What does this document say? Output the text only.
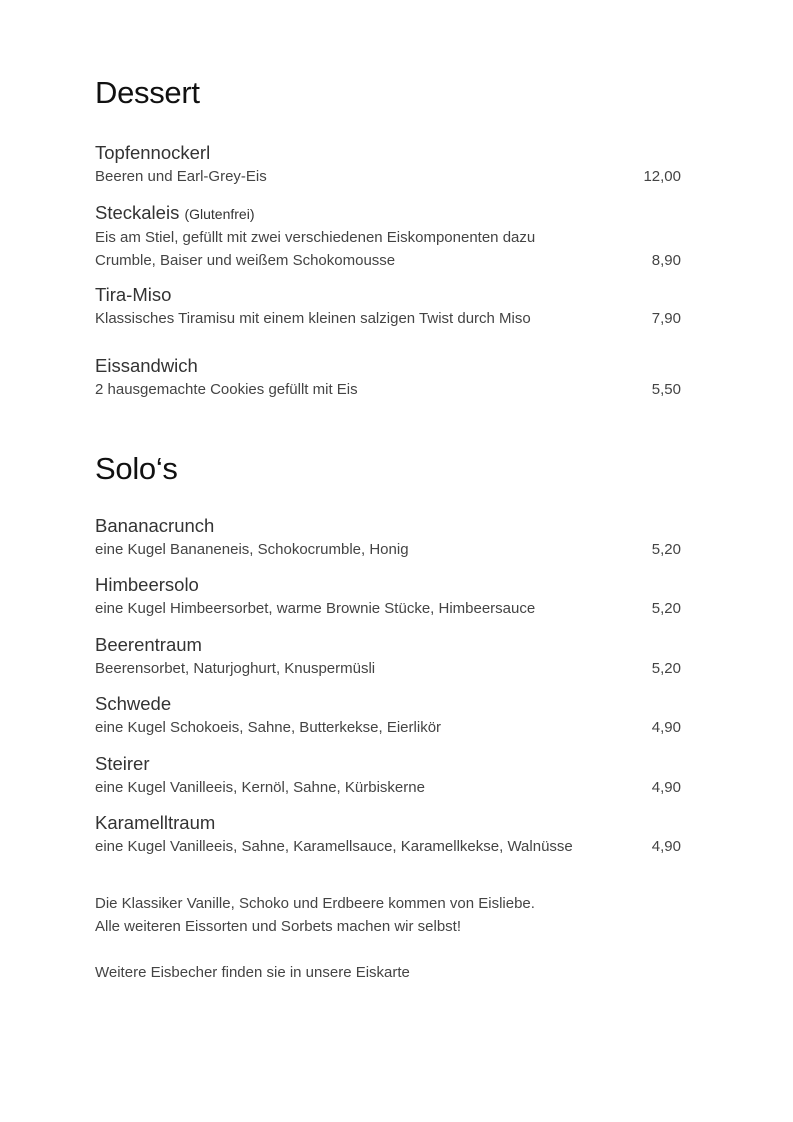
Dessert
Topfennockerl
Beeren und Earl-Grey-Eis	12,00
Steckaleis (Glutenfrei)
Eis am Stiel, gefüllt mit zwei verschiedenen Eiskomponenten dazu
Crumble, Baiser und weißem Schokomousse	8,90
Tira-Miso
Klassisches Tiramisu mit einem kleinen salzigen Twist durch Miso	7,90
Eissandwich
2 hausgemachte Cookies gefüllt mit Eis	5,50
Solo‘s
Bananacrunch
eine Kugel Bananeneis, Schokocrumble, Honig	5,20
Himbeersolo
eine Kugel Himbeersorbet, warme Brownie Stücke, Himbeersauce	5,20
Beerentraum
Beerensorbet, Naturjoghurt, Knuspermüsli	5,20
Schwede
eine Kugel Schokoeis, Sahne, Butterkekse, Eierlikör	4,90
Steirer
eine Kugel Vanilleeis, Kernöl, Sahne, Kürbiskerne	4,90
Karamelltraum
eine Kugel Vanilleeis, Sahne, Karamellsauce, Karamellkekse, Walnüsse	4,90
Die Klassiker Vanille, Schoko und Erdbeere kommen von Eisliebe.
Alle weiteren Eissorten und Sorbets machen wir selbst!
Weitere Eisbecher finden sie in unsere Eiskarte
